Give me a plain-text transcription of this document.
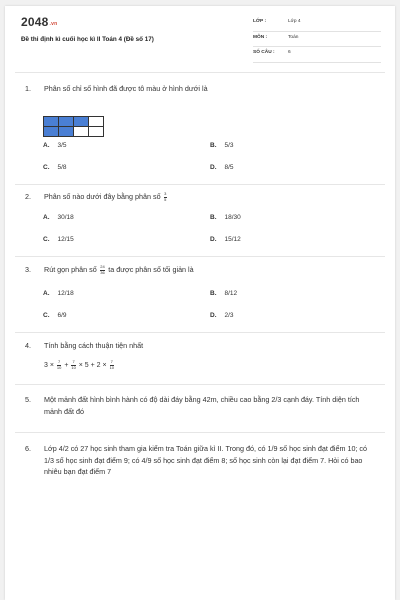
2048.vn
Đề thi định kì cuối học kì II Toán 4 (Đề số 17)
LỚP :	Lớp 4
MÔN :	Toán
SỐ CÂU :	6
1. Phân số chỉ số hình đã được tô màu ở hình dưới là
A. 3/5	B. 5/3
C. 5/8	D. 8/5
2. Phân số nào dưới đây bằng phân số $\frac{3}{5}$
A. 30/18	B. 18/30
C. 12/15	D. 15/12
3. Rút gọn phân số $\frac{24}{36}$ ta được phân số tối giản là
A. 12/18	B. 8/12
C. 6/9	D. 2/3
4. Tính bằng cách thuận tiện nhất
$3 \times \frac{7}{10} + \frac{7}{10} \times 5 + 2 \times \frac{7}{10}$
5. Một mảnh đất hình bình hành có độ dài đáy bằng 42m, chiều cao bằng 2/3 cạnh đáy. Tính diện tích mảnh đất đó
6. Lớp 4/2 có 27 học sinh tham gia kiểm tra Toán giữa kì II. Trong đó, có 1/9 số học sinh đạt điểm 10; có 1/3 số học sinh đạt điểm 9; có 4/9 số học sinh đạt điểm 8; số học sinh còn lại đạt điểm 7. Hỏi có bao nhiêu bạn đạt điểm 7
